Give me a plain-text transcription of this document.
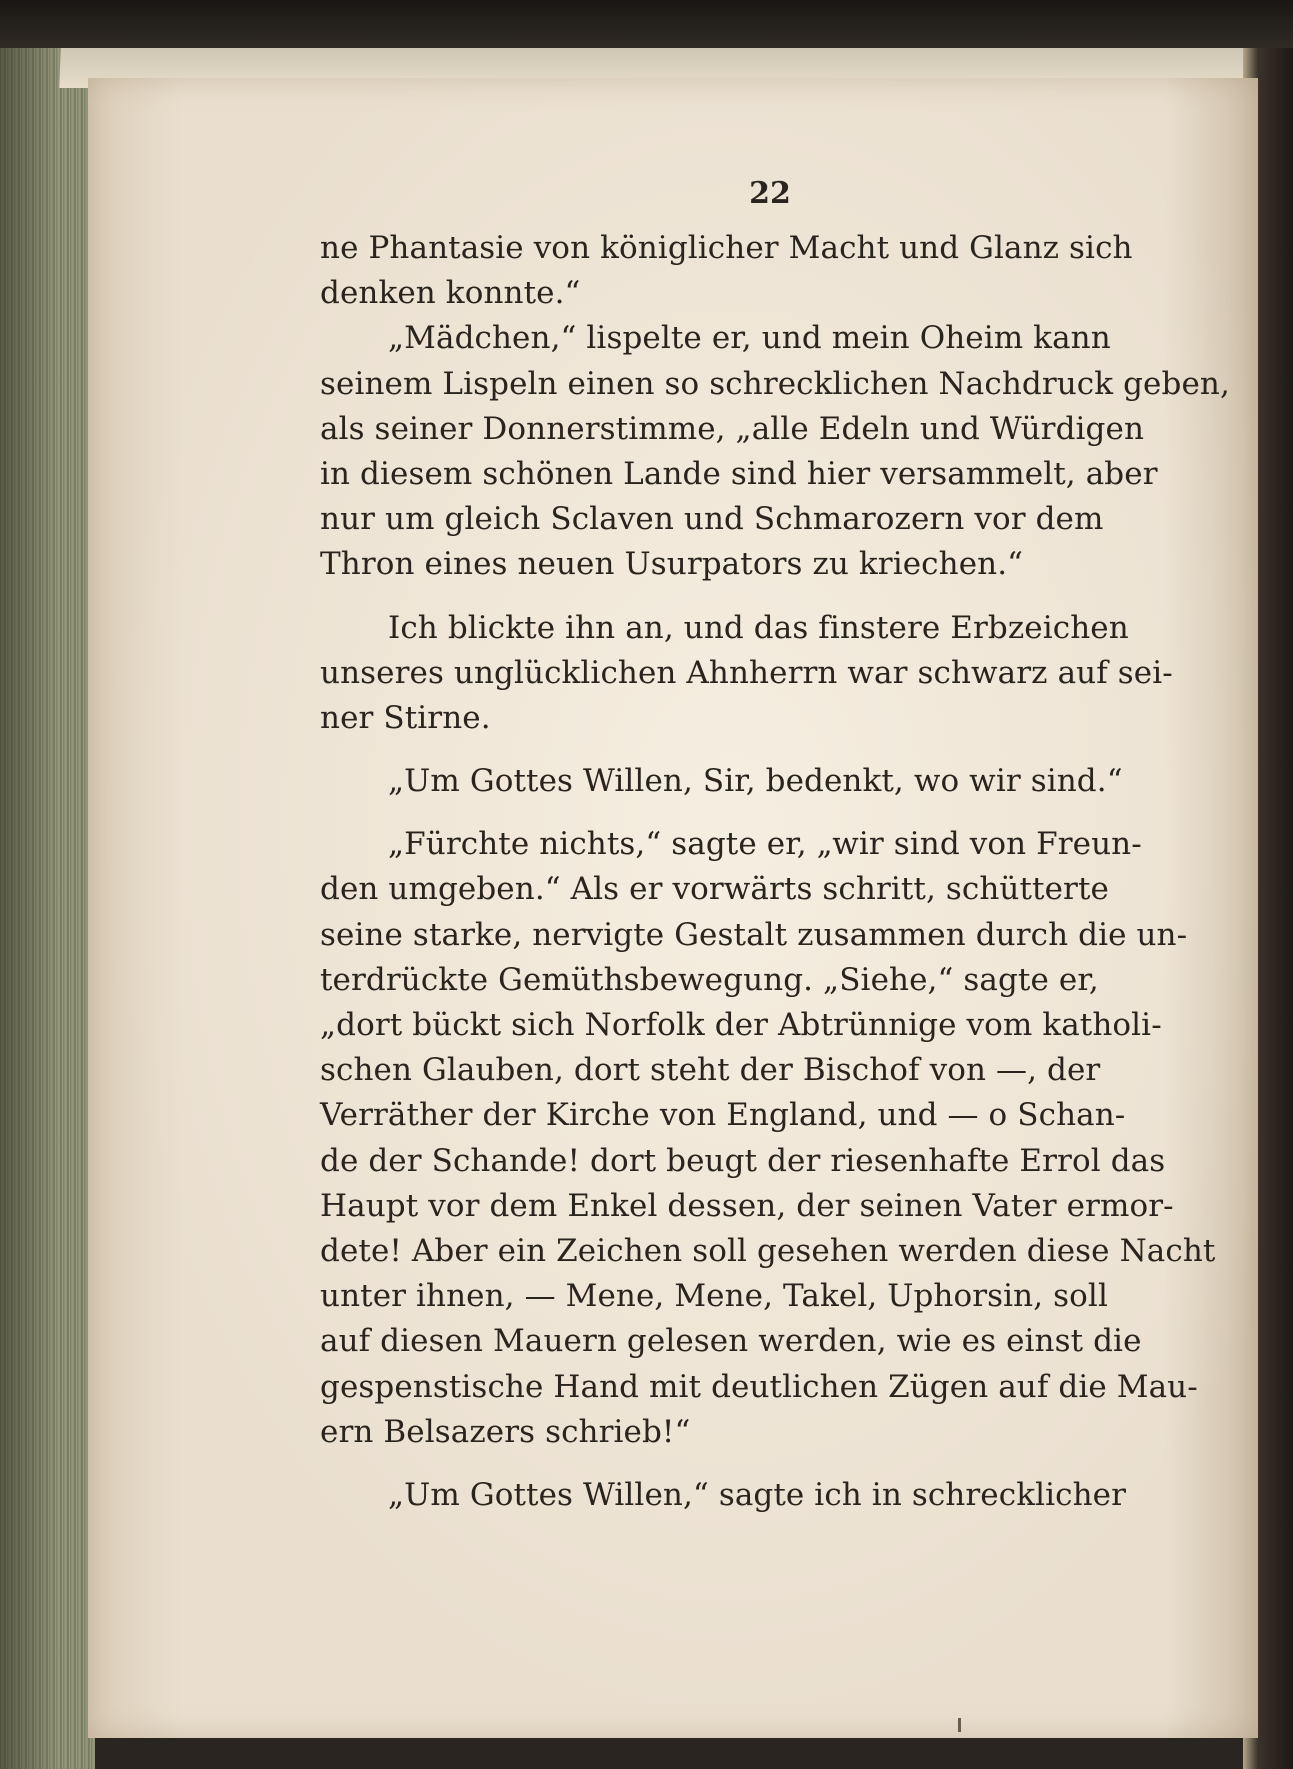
22
ne Phantasie von königlicher Macht und Glanz sich
denken konnte.“
„Mädchen,“ lispelte er, und mein Oheim kann
seinem Lispeln einen so schrecklichen Nachdruck geben,
als seiner Donnerstimme, „alle Edeln und Würdigen
in diesem schönen Lande sind hier versammelt, aber
nur um gleich Sclaven und Schmarozern vor dem
Thron eines neuen Usurpators zu kriechen.“
Ich blickte ihn an, und das finstere Erbzeichen
unseres unglücklichen Ahnherrn war schwarz auf sei-
ner Stirne.
„Um Gottes Willen, Sir, bedenkt, wo wir sind.“
„Fürchte nichts,“ sagte er, „wir sind von Freun-
den umgeben.“ Als er vorwärts schritt, schütterte
seine starke, nervigte Gestalt zusammen durch die un-
terdrückte Gemüthsbewegung. „Siehe,“ sagte er,
„dort bückt sich Norfolk der Abtrünnige vom katholi-
schen Glauben, dort steht der Bischof von —, der
Verräther der Kirche von England, und — o Schan-
de der Schande! dort beugt der riesenhafte Errol das
Haupt vor dem Enkel dessen, der seinen Vater ermor-
dete! Aber ein Zeichen soll gesehen werden diese Nacht
unter ihnen, — Mene, Mene, Takel, Uphorsin, soll
auf diesen Mauern gelesen werden, wie es einst die
gespenstische Hand mit deutlichen Zügen auf die Mau-
ern Belsazers schrieb!“
„Um Gottes Willen,“ sagte ich in schrecklicher
